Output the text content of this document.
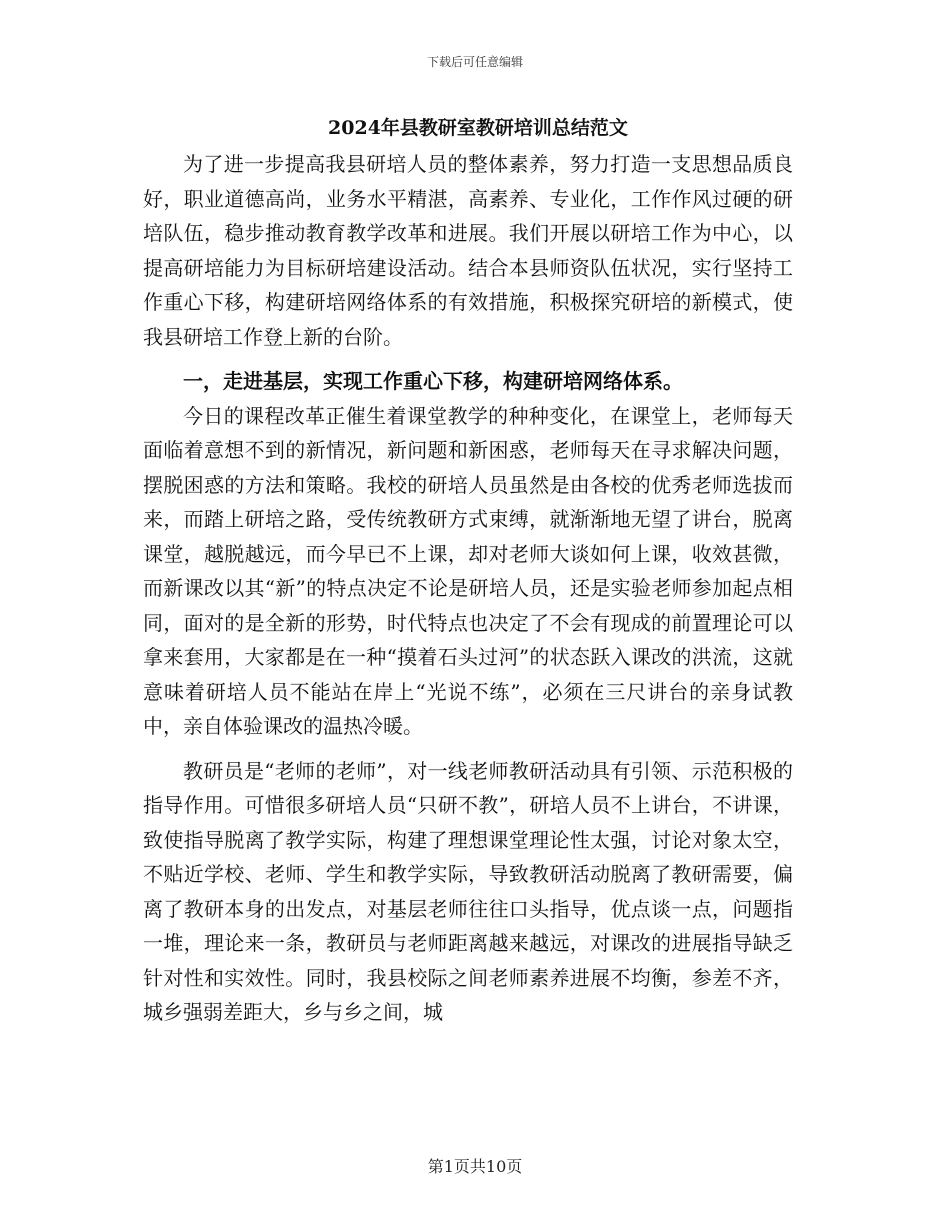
下载后可任意编辑
2024年县教研室教研培训总结范文

为了进一步提高我县研培人员的整体素养，努力打造一支思想品质良好，职业道德高尚，业务水平精湛，高素养、专业化，工作作风过硬的研培队伍，稳步推动教育教学改革和进展。我们开展以研培工作为中心，以提高研培能力为目标研培建设活动。结合本县师资队伍状况，实行坚持工作重心下移，构建研培网络体系的有效措施，积极探究研培的新模式，使我县研培工作登上新的台阶。

一，走进基层，实现工作重心下移，构建研培网络体系。

今日的课程改革正催生着课堂教学的种种变化，在课堂上，老师每天面临着意想不到的新情况，新问题和新困惑，老师每天在寻求解决问题，摆脱困惑的方法和策略。我校的研培人员虽然是由各校的优秀老师选拔而来，而踏上研培之路，受传统教研方式束缚，就渐渐地无望了讲台，脱离课堂，越脱越远，而今早已不上课，却对老师大谈如何上课，收效甚微，而新课改以其“新”的特点决定不论是研培人员，还是实验老师参加起点相同，面对的是全新的形势，时代特点也决定了不会有现成的前置理论可以拿来套用，大家都是在一种“摸着石头过河”的状态跃入课改的洪流，这就意味着研培人员不能站在岸上“光说不练”，必须在三尺讲台的亲身试教中，亲自体验课改的温热冷暖。

教研员是“老师的老师”，对一线老师教研活动具有引领、示范积极的指导作用。可惜很多研培人员“只研不教”，研培人员不上讲台，不讲课，致使指导脱离了教学实际，构建了理想课堂理论性太强，讨论对象太空，不贴近学校、老师、学生和教学实际，导致教研活动脱离了教研需要，偏离了教研本身的出发点，对基层老师往往口头指导，优点谈一点，问题指一堆，理论来一条，教研员与老师距离越来越远，对课改的进展指导缺乏针对性和实效性。同时，我县校际之间老师素养进展不均衡，参差不齐，城乡强弱差距大，乡与乡之间，城

第1页共10页
